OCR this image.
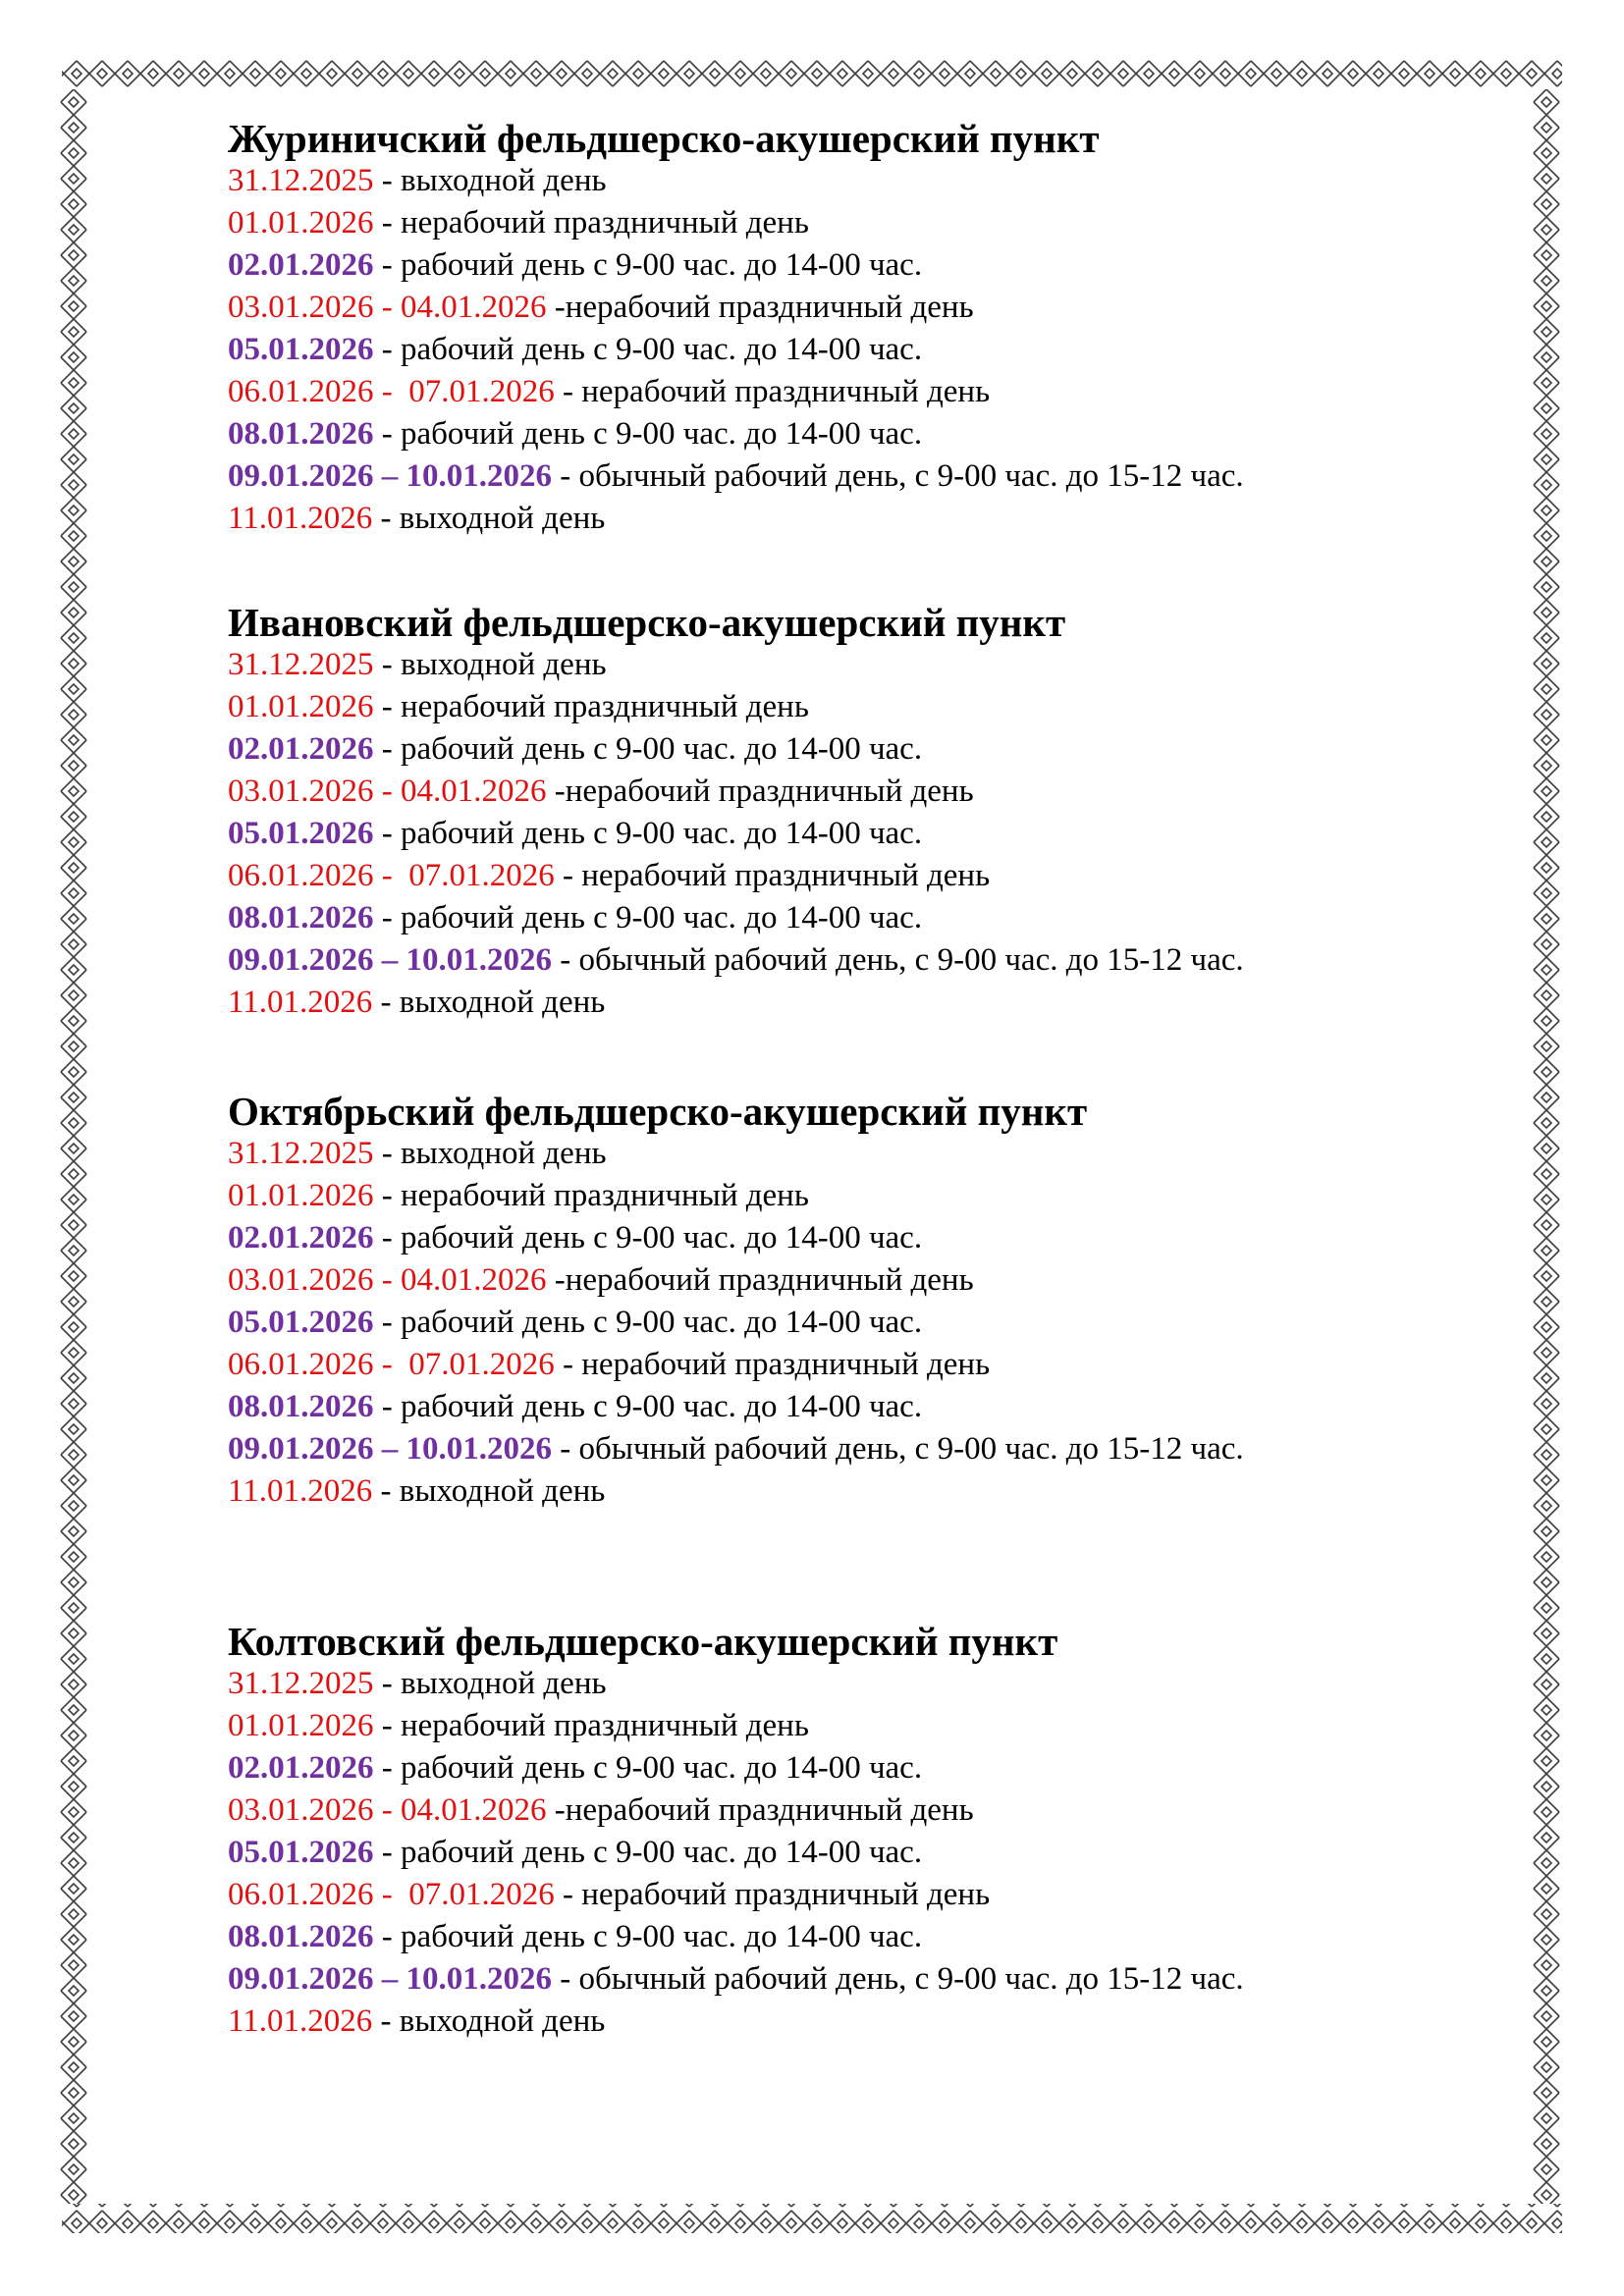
Журиничский фельдшерско-акушерский пункт
31.12.2025 - выходной день
01.01.2026 - нерабочий праздничный день
02.01.2026 - рабочий день с 9-00 час. до 14-00 час.
03.01.2026 - 04.01.2026 -нерабочий праздничный день
05.01.2026 - рабочий день с 9-00 час. до 14-00 час.
06.01.2026 -  07.01.2026 - нерабочий праздничный день
08.01.2026 - рабочий день с 9-00 час. до 14-00 час.
09.01.2026 – 10.01.2026 - обычный рабочий день, с 9-00 час. до 15-12 час.
11.01.2026 - выходной день
Ивановский фельдшерско-акушерский пункт
31.12.2025 - выходной день
01.01.2026 - нерабочий праздничный день
02.01.2026 - рабочий день с 9-00 час. до 14-00 час.
03.01.2026 - 04.01.2026 -нерабочий праздничный день
05.01.2026 - рабочий день с 9-00 час. до 14-00 час.
06.01.2026 -  07.01.2026 - нерабочий праздничный день
08.01.2026 - рабочий день с 9-00 час. до 14-00 час.
09.01.2026 – 10.01.2026 - обычный рабочий день, с 9-00 час. до 15-12 час.
11.01.2026 - выходной день
Октябрьский фельдшерско-акушерский пункт
31.12.2025 - выходной день
01.01.2026 - нерабочий праздничный день
02.01.2026 - рабочий день с 9-00 час. до 14-00 час.
03.01.2026 - 04.01.2026 -нерабочий праздничный день
05.01.2026 - рабочий день с 9-00 час. до 14-00 час.
06.01.2026 -  07.01.2026 - нерабочий праздничный день
08.01.2026 - рабочий день с 9-00 час. до 14-00 час.
09.01.2026 – 10.01.2026 - обычный рабочий день, с 9-00 час. до 15-12 час.
11.01.2026 - выходной день
Колтовский фельдшерско-акушерский пункт
31.12.2025 - выходной день
01.01.2026 - нерабочий праздничный день
02.01.2026 - рабочий день с 9-00 час. до 14-00 час.
03.01.2026 - 04.01.2026 -нерабочий праздничный день
05.01.2026 - рабочий день с 9-00 час. до 14-00 час.
06.01.2026 -  07.01.2026 - нерабочий праздничный день
08.01.2026 - рабочий день с 9-00 час. до 14-00 час.
09.01.2026 – 10.01.2026 - обычный рабочий день, с 9-00 час. до 15-12 час.
11.01.2026 - выходной день
